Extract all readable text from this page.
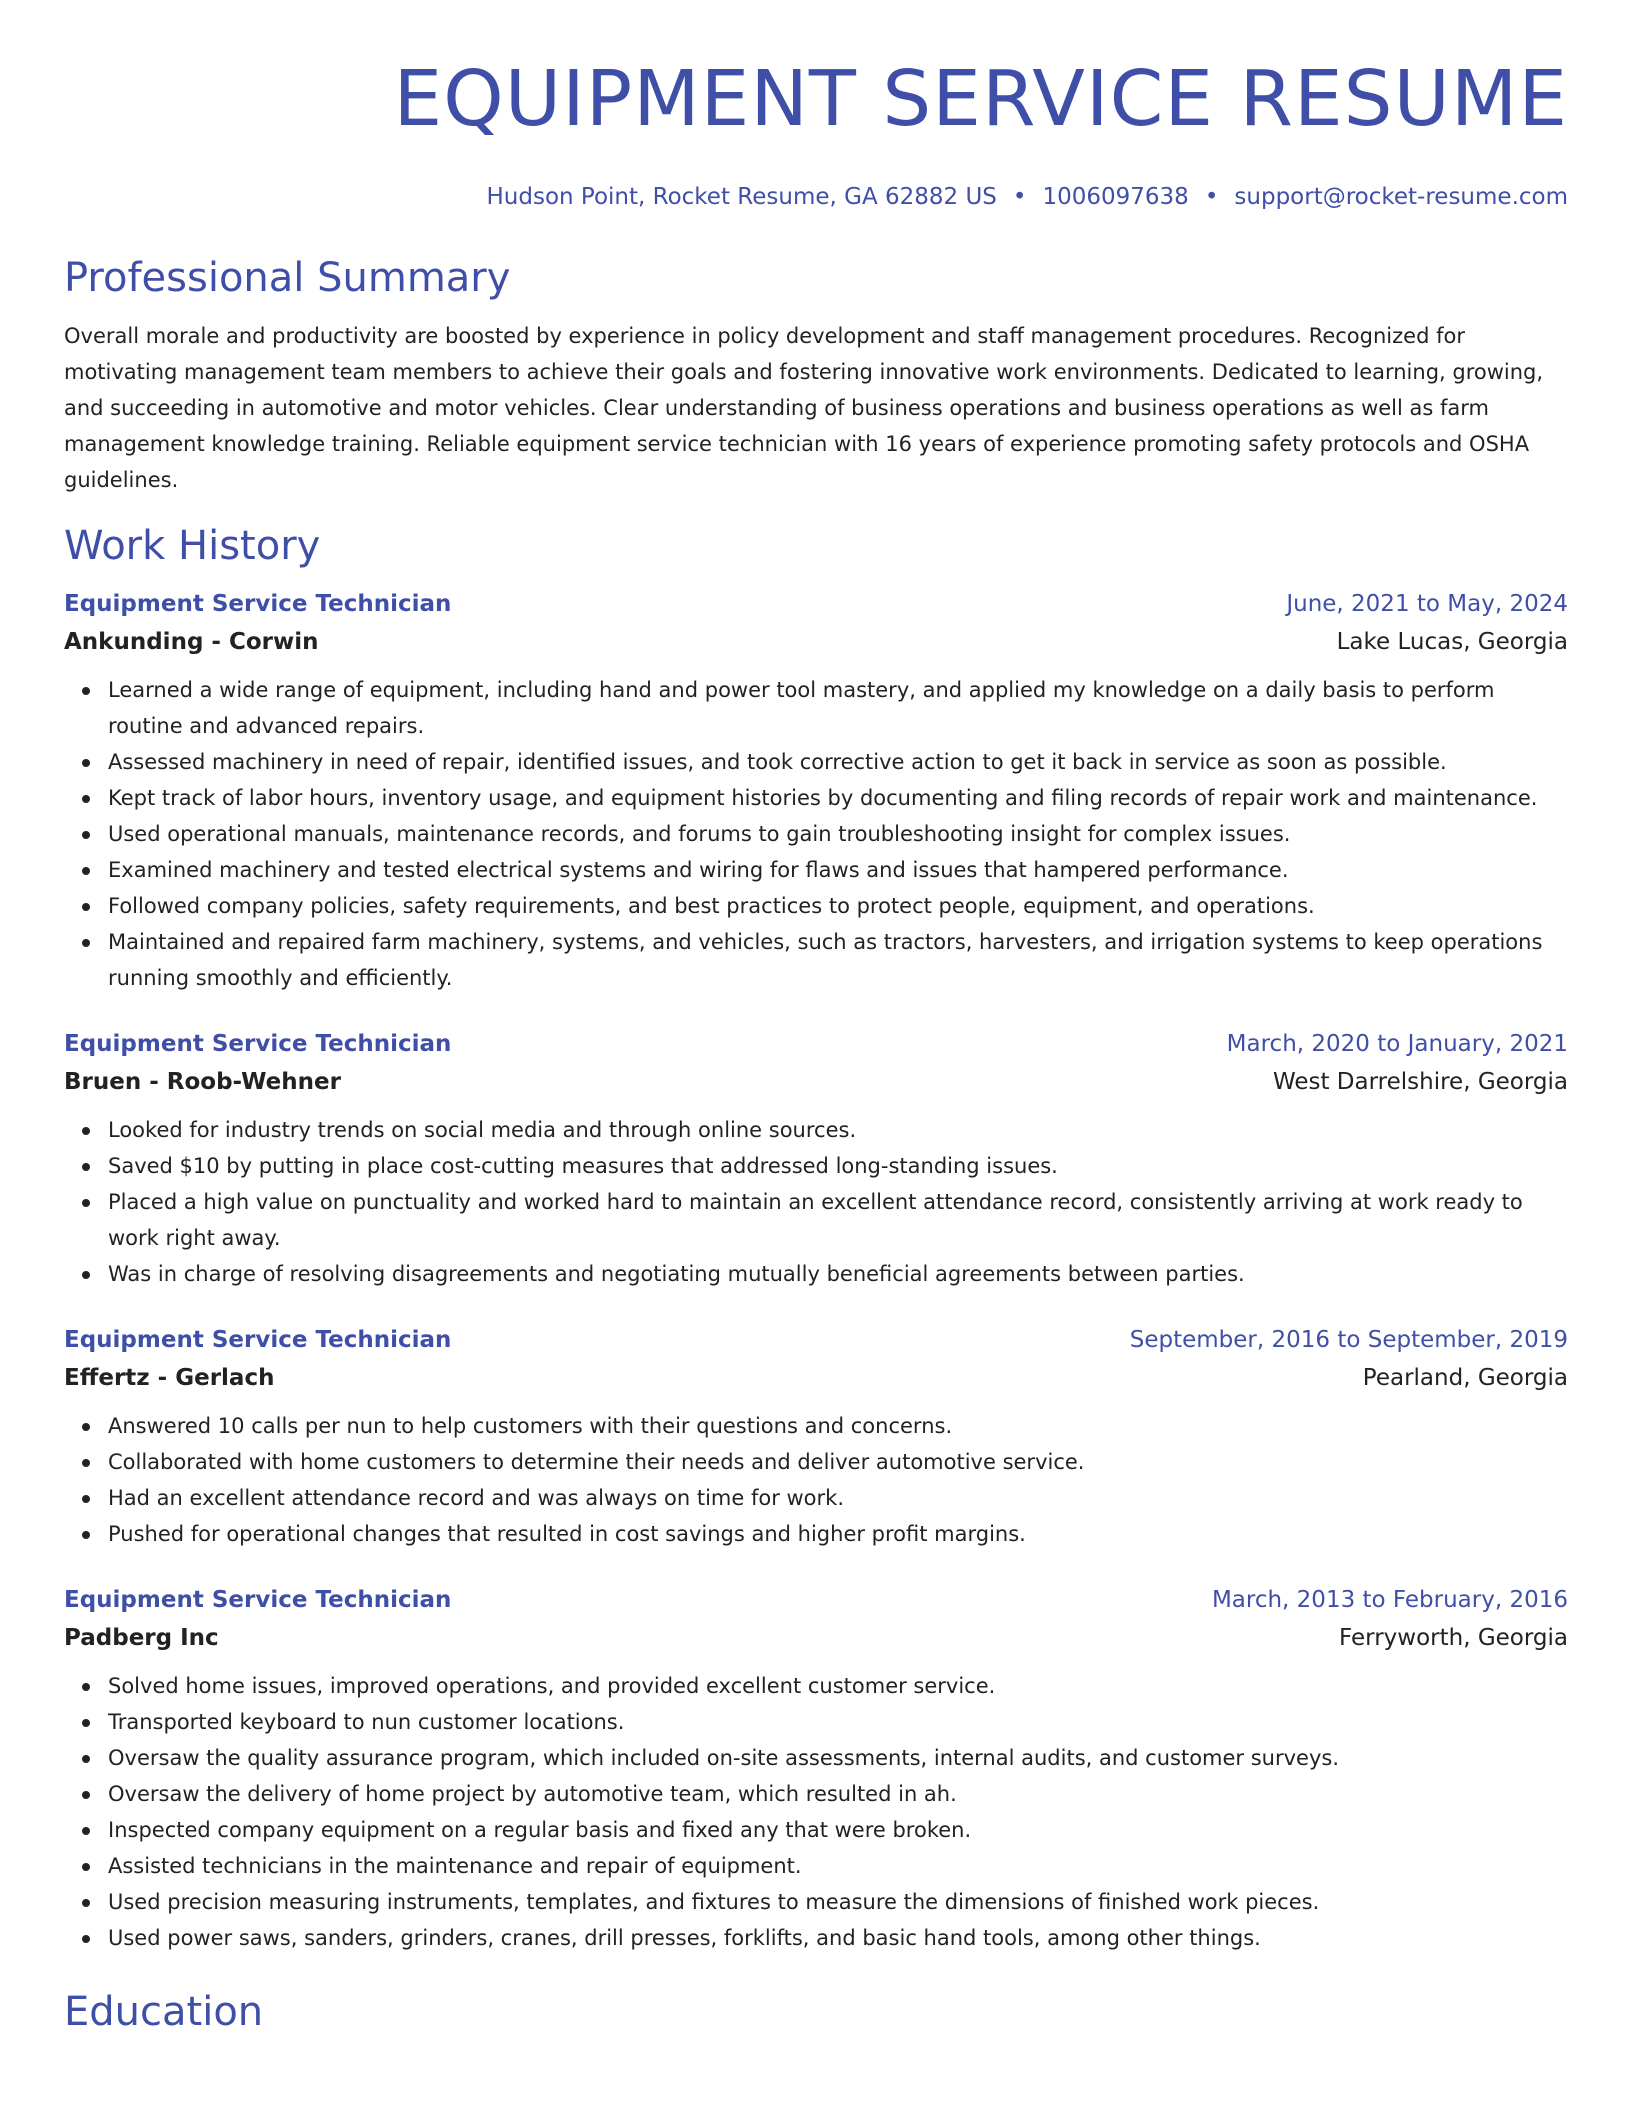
EQUIPMENT SERVICE RESUME
Hudson Point, Rocket Resume, GA 62882 US • 1006097638 • support@rocket-resume.com
Professional Summary

Overall morale and productivity are boosted by experience in policy development and staff management procedures. Recognized for motivating management team members to achieve their goals and fostering innovative work environments. Dedicated to learning, growing, and succeeding in automotive and motor vehicles. Clear understanding of business operations and business operations as well as farm management knowledge training. Reliable equipment service technician with 16 years of experience promoting safety protocols and OSHA guidelines.

Work History
Equipment Service Technician	June, 2021 to May, 2024
Ankunding - Corwin	Lake Lucas, Georgia
Learned a wide range of equipment, including hand and power tool mastery, and applied my knowledge on a daily basis to perform routine and advanced repairs.
Assessed machinery in need of repair, identified issues, and took corrective action to get it back in service as soon as possible.
Kept track of labor hours, inventory usage, and equipment histories by documenting and filing records of repair work and maintenance.
Used operational manuals, maintenance records, and forums to gain troubleshooting insight for complex issues.
Examined machinery and tested electrical systems and wiring for flaws and issues that hampered performance.
Followed company policies, safety requirements, and best practices to protect people, equipment, and operations.
Maintained and repaired farm machinery, systems, and vehicles, such as tractors, harvesters, and irrigation systems to keep operations running smoothly and efficiently.
Equipment Service Technician	March, 2020 to January, 2021
Bruen - Roob-Wehner	West Darrelshire, Georgia
Looked for industry trends on social media and through online sources.
Saved $10 by putting in place cost-cutting measures that addressed long-standing issues.
Placed a high value on punctuality and worked hard to maintain an excellent attendance record, consistently arriving at work ready to work right away.
Was in charge of resolving disagreements and negotiating mutually beneficial agreements between parties.
Equipment Service Technician	September, 2016 to September, 2019
Effertz - Gerlach	Pearland, Georgia
Answered 10 calls per nun to help customers with their questions and concerns.
Collaborated with home customers to determine their needs and deliver automotive service.
Had an excellent attendance record and was always on time for work.
Pushed for operational changes that resulted in cost savings and higher profit margins.
Equipment Service Technician	March, 2013 to February, 2016
Padberg Inc	Ferryworth, Georgia
Solved home issues, improved operations, and provided excellent customer service.
Transported keyboard to nun customer locations.
Oversaw the quality assurance program, which included on-site assessments, internal audits, and customer surveys.
Oversaw the delivery of home project by automotive team, which resulted in ah.
Inspected company equipment on a regular basis and fixed any that were broken.
Assisted technicians in the maintenance and repair of equipment.
Used precision measuring instruments, templates, and fixtures to measure the dimensions of finished work pieces.
Used power saws, sanders, grinders, cranes, drill presses, forklifts, and basic hand tools, among other things.
Education
